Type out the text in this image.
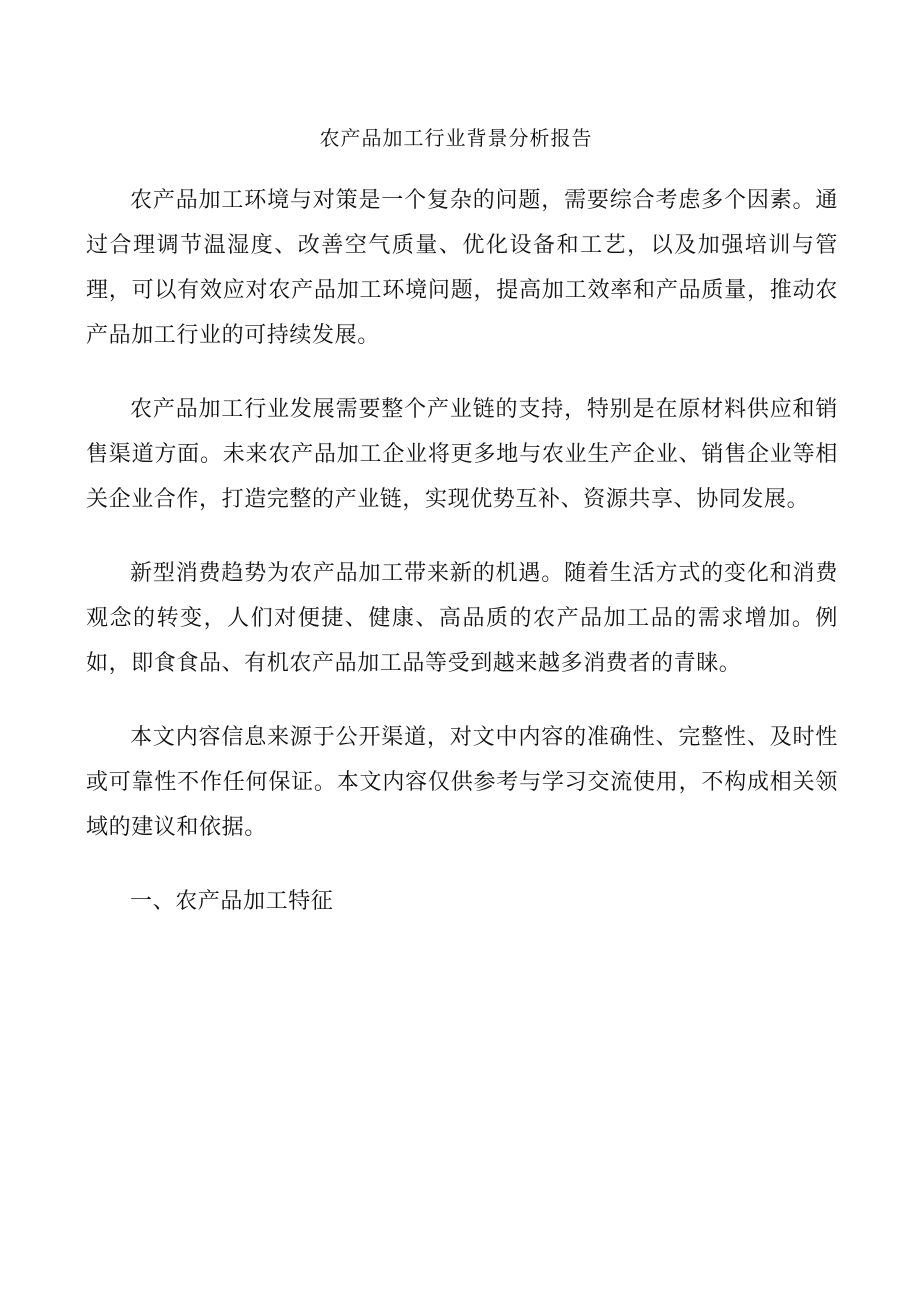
农产品加工行业背景分析报告

农产品加工环境与对策是一个复杂的问题，需要综合考虑多个因素。通过合理调节温湿度、改善空气质量、优化设备和工艺，以及加强培训与管理，可以有效应对农产品加工环境问题，提高加工效率和产品质量，推动农产品加工行业的可持续发展。

农产品加工行业发展需要整个产业链的支持，特别是在原材料供应和销售渠道方面。未来农产品加工企业将更多地与农业生产企业、销售企业等相关企业合作，打造完整的产业链，实现优势互补、资源共享、协同发展。

新型消费趋势为农产品加工带来新的机遇。随着生活方式的变化和消费观念的转变，人们对便捷、健康、高品质的农产品加工品的需求增加。例如，即食食品、有机农产品加工品等受到越来越多消费者的青睐。

本文内容信息来源于公开渠道，对文中内容的准确性、完整性、及时性或可靠性不作任何保证。本文内容仅供参考与学习交流使用，不构成相关领域的建议和依据。

一、农产品加工特征
